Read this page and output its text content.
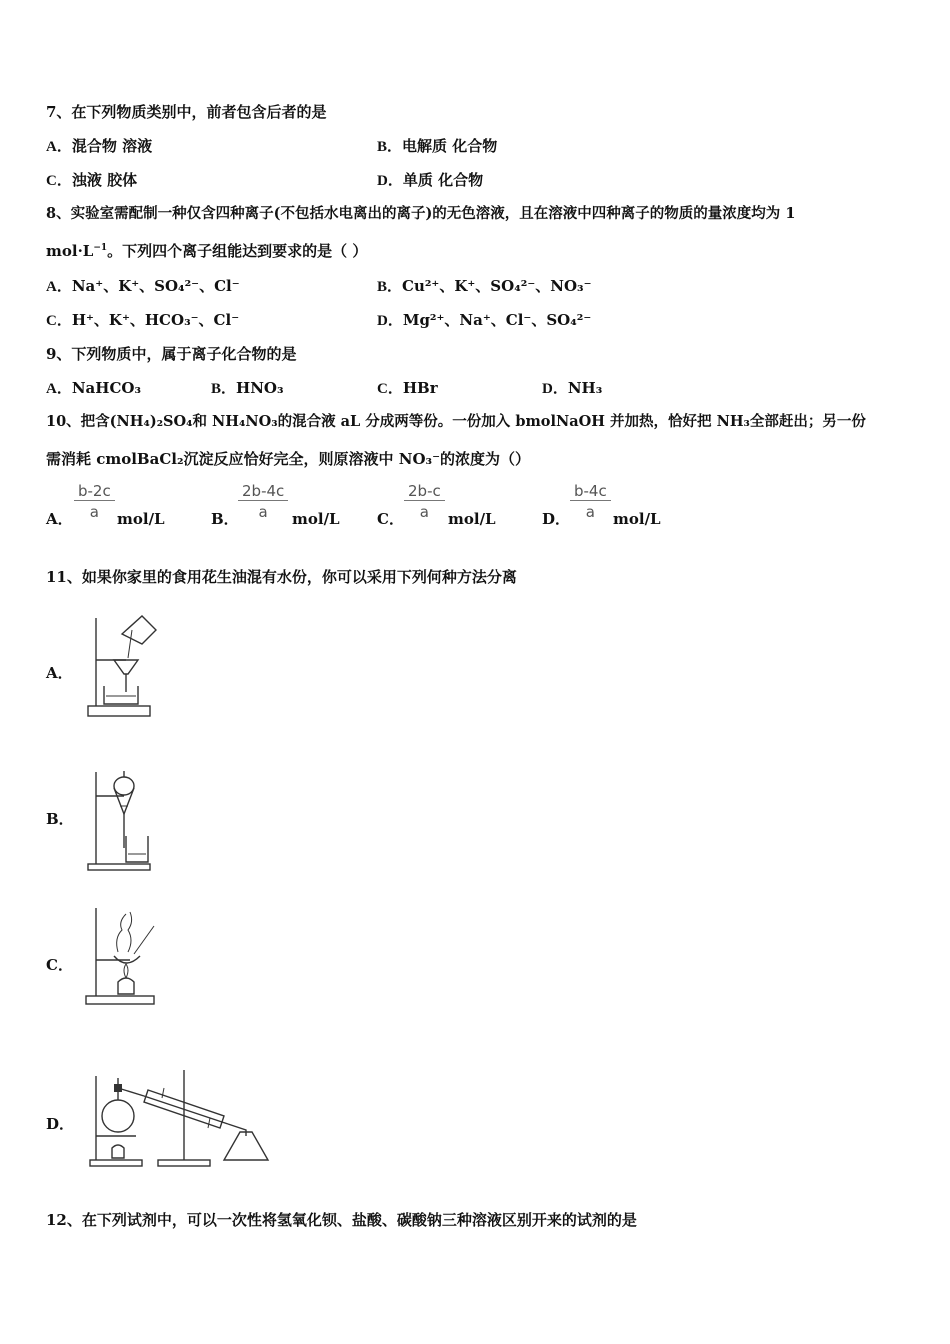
7、在下列物质类别中，前者包含后者的是
A．混合物 溶液	B．电解质 化合物
C．浊液 胶体	D．单质 化合物
8、实验室需配制一种仅含四种离子(不包括水电离出的离子)的无色溶液，且在溶液中四种离子的物质的量浓度均为 1
$mol\cdot L^{-1}$。下列四个离子组能达到要求的是（ ）
A．Na⁺、K⁺、SO₄²⁻、Cl⁻	B．Cu²⁺、K⁺、SO₄²⁻、NO₃⁻
C．H⁺、K⁺、HCO₃⁻、Cl⁻	D．Mg²⁺、Na⁺、Cl⁻、SO₄²⁻
9、下列物质中，属于离子化合物的是
A．NaHCO₃	B．HNO₃	C．HBr	D．NH₃
10、把含(NH₄)₂SO₄和 NH₄NO₃的混合液 aL 分成两等份。一份加入 bmolNaOH 并加热，恰好把 NH₃全部赶出；另一份
需消耗 cmolBaCl₂沉淀反应恰好完全，则原溶液中 NO₃⁻的浓度为（）
A． $\frac{b-2c}{a} mol/L$	B． $\frac{2b-4c}{a} mol/L$ C． $\frac{2b-c}{a} mol/L$	D． $\frac{b-4c}{a} mol/L$
11、如果你家里的食用花生油混有水份，你可以采用下列何种方法分离
A．
B．
C．
D．
12、在下列试剂中，可以一次性将氢氧化钡、盐酸、碳酸钠三种溶液区别开来的试剂的是
